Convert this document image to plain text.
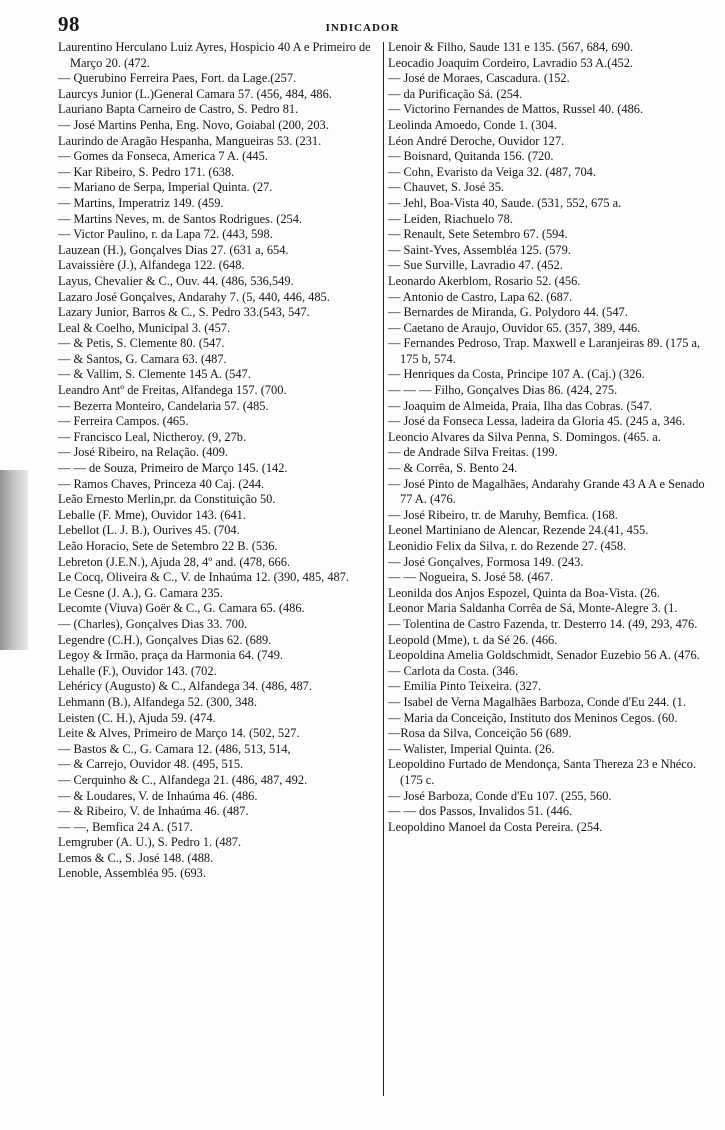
98	INDICADOR

Laurentino Herculano Luiz Ayres, Hospicio 40 A e Primeiro de Março 20. (472.

— Querubino Ferreira Paes, Fort. da Lage.(257.

Laurcys Junior (L.)General Camara 57. (456, 484, 486.

Lauriano Bapta Carneiro de Castro, S. Pedro 81.

— José Martins Penha, Eng. Novo, Goiabal (200, 203.

Laurindo de Aragão Hespanha, Mangueiras 53. (231.

— Gomes da Fonseca, America 7 A. (445.

— Kar Ribeiro, S. Pedro 171. (638.

— Mariano de Serpa, Imperial Quinta. (27.

— Martins, Imperatriz 149. (459.

— Martins Neves, m. de Santos Rodrigues. (254.

— Victor Paulino, r. da Lapa 72. (443, 598.

Lauzean (H.), Gonçalves Dias 27. (631 a, 654.

Lavaissière (J.), Alfandega 122. (648.

Layus, Chevalier & C., Ouv. 44. (486, 536,549.

Lazaro José Gonçalves, Andarahy 7. (5, 440, 446, 485.

Lazary Junior, Barros & C., S. Pedro 33.(543, 547.

Leal & Coelho, Municipal 3. (457.

— & Petis, S. Clemente 80. (547.

— & Santos, G. Camara 63. (487.

— & Vallim, S. Clemente 145 A. (547.

Leandro Antº de Freitas, Alfandega 157. (700.

— Bezerra Monteiro, Candelaria 57. (485.

— Ferreira Campos. (465.

— Francisco Leal, Nictheroy. (9, 27b.

— José Ribeiro, na Relação. (409.

— — de Souza, Primeiro de Março 145. (142.

— Ramos Chaves, Princeza 40 Caj. (244.

Leão Ernesto Merlin,pr. da Constituição 50.

Leballe (F. Mme), Ouvidor 143. (641.

Lebellot (L. J. B.), Ourives 45. (704.

Leão Horacio, Sete de Setembro 22 B. (536.

Lebreton (J.E.N.), Ajuda 28, 4º and. (478, 666.

Le Cocq, Oliveira & C., V. de Inhaúma 12. (390, 485, 487.

Le Cesne (J. A.), G. Camara 235.

Lecomte (Viuva) Goër & C., G. Camara 65. (486.

— (Charles), Gonçalves Dias 33. 700.

Legendre (C.H.), Gonçalves Dias 62. (689.

Legoy & Irmão, praça da Harmonia 64. (749.

Lehalle (F.), Ouvidor 143. (702.

Lehéricy (Augusto) & C., Alfandega 34. (486, 487.

Lehmann (B.), Alfandega 52. (300, 348.

Leisten (C. H.), Ajuda 59. (474.

Leite & Alves, Primeiro de Março 14. (502, 527.

— Bastos & C., G. Camara 12. (486, 513, 514,

— & Carrejo, Ouvidor 48. (495, 515.

— Cerquinho & C., Alfandega 21. (486, 487, 492.

— & Loudares, V. de Inhaúma 46. (486.

— & Ribeiro, V. de Inhaúma 46. (487.

— —, Bemfica 24 A. (517.

Lemgruber (A. U.), S. Pedro 1. (487.

Lemos & C., S. José 148. (488.

Lenoble, Assembléa 95. (693.

Lenoir & Filho, Saude 131 e 135. (567, 684, 690.

Leocadio Joaquim Cordeiro, Lavradio 53 A.(452.

— José de Moraes, Cascadura. (152.

— da Purificação Sá. (254.

— Victorino Fernandes de Mattos, Russel 40. (486.

Leolinda Amoedo, Conde 1. (304.

Léon André Deroche, Ouvidor 127.

— Boisnard, Quitanda 156. (720.

— Cohn, Evaristo da Veiga 32. (487, 704.

— Chauvet, S. José 35.

— Jehl, Boa-Vista 40, Saude. (531, 552, 675 a.

— Leiden, Riachuelo 78.

— Renault, Sete Setembro 67. (594.

— Saint-Yves, Assembléa 125. (579.

— Sue Surville, Lavradio 47. (452.

Leonardo Akerblom, Rosario 52. (456.

— Antonio de Castro, Lapa 62. (687.

— Bernardes de Miranda, G. Polydoro 44. (547.

— Caetano de Araujo, Ouvidor 65. (357, 389, 446.

— Fernandes Pedroso, Trap. Maxwell e Laranjeiras 89. (175 a, 175 b, 574.

— Henriques da Costa, Principe 107 A. (Caj.) (326.

— — — Filho, Gonçalves Dias 86. (424, 275.

— Joaquim de Almeida, Praia, Ilha das Cobras. (547.

— José da Fonseca Lessa, ladeira da Gloria 45. (245 a, 346.

Leoncio Alvares da Silva Penna, S. Domingos. (465. a.

— de Andrade Silva Freitas. (199.

— & Corrêa, S. Bento 24.

— José Pinto de Magalhães, Andarahy Grande 43 A A e Senado 77 A. (476.

— José Ribeiro, tr. de Maruhy, Bemfica. (168.

Leonel Martiniano de Alencar, Rezende 24.(41, 455.

Leonidio Felix da Silva, r. do Rezende 27. (458.

— José Gonçalves, Formosa 149. (243.

— — Nogueira, S. José 58. (467.

Leonilda dos Anjos Espozel, Quinta da Boa-Vista. (26.

Leonor Maria Saldanha Corrêa de Sá, Monte-Alegre 3. (1.

— Tolentina de Castro Fazenda, tr. Desterro 14. (49, 293, 476.

Leopold (Mme), t. da Sé 26. (466.

Leopoldina Amelia Goldschmidt, Senador Euzebio 56 A. (476.

— Carlota da Costa. (346.

— Emilia Pinto Teixeira. (327.

— Isabel de Verna Magalhães Barboza, Conde d'Eu 244. (1.

— Maria da Conceição, Instituto dos Meninos Cegos. (60.

—Rosa da Silva, Conceição 56 (689.

— Walister, Imperial Quinta. (26.

Leopoldino Furtado de Mendonça, Santa Thereza 23 e Nhéco. (175 c.

— José Barboza, Conde d'Eu 107. (255, 560.

— — dos Passos, Invalidos 51. (446.

Leopoldino Manoel da Costa Pereira. (254.
